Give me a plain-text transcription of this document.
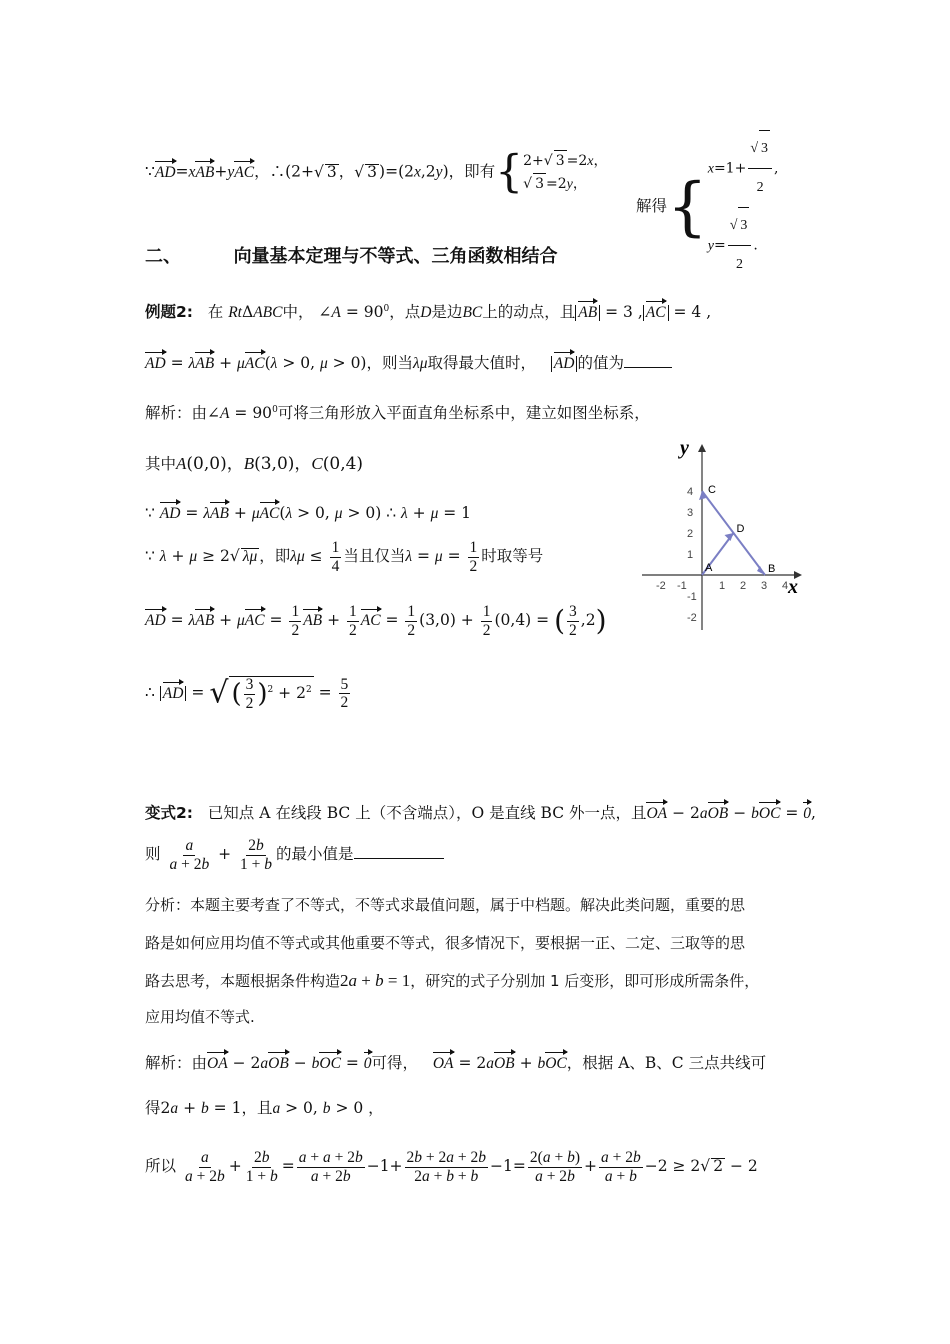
∵AD=xAB+yAC，∴(2+√ 3 ，√ 3 )=(2x,2y)，即有{ 2+√ 3 =2x，
√ 3 =2y，
解得{
x=1+
√ $\frac{3}{2}$ ,
y=
√ $\frac{3}{2}$ .
二、	向量基本定理与不等式、三角函数相结合
例题2: 在 RtΔABC中， ∠A = $90^0$，点D是边BC上的动点，且 AB = 3 , AC = 4 ,
AD = λAB + μAC(λ > 0, μ > 0)，则当λμ取得最大值时， AD 的值为
解析：由∠A = $90^0$可将三角形放入平面直角坐标系中，建立如图坐标系，
其中A(0,0)，B(3,0)，C(0,4)
∵ AD = λAB + μAC(λ > 0, μ > 0) ∴ λ + μ = 1
∵ λ + μ ≥ 2√ λμ ，即$\lambda\mu \le \frac{1}{4}$ 当且仅当$\lambda = \mu = \frac{1}{2}$ 时取等号
AD = $\lambda AB + \mu AC = \frac{1}{2}$ AB + $\frac{1}{2}$ AC = $\frac{1}{2} (3,0) + \frac{1}{2} (0,4)$ = ( $\frac{3}{2} ,2$)
∴ AD = √ ( $\frac{3}{2} )^2 + 2^2 = \frac{5}{2}$
x
y
-2 -1	1 2 3 4
4
3
2
1
-1
-2
C
D
A	B
变式2: 已知点 A 在线段 BC 上（不含端点），O 是直线 BC 外一点，且OA − 2aOB − bOC = 0,
则 $\frac{a}{a + 2b} + \frac{2b}{1 + b}$ 的最小值是
分析：本题主要考查了不等式，不等式求最值问题，属于中档题。解决此类问题，重要的思
路是如何应用均值不等式或其他重要不等式，很多情况下，要根据一正、二定、三取等的思
路去思考，本题根据条件构造2a + b = 1，研究的式子分别加 1 后变形，即可形成所需条件，
应用均值不等式.
解析：由OA − 2aOB − bOC = 0可得， OA = 2aOB + bOC，根据 A、B、C 三点共线可
得2a + b = 1，且a > 0, b > 0 ，
所以 $\frac{a}{a + 2b} + \frac{2b}{1 + b} = \frac{a + a + 2b}{a + 2b} -1+ \frac{2b + 2a + 2b}{2a + b + b} -1= \frac{2(a + b)}{a + 2b} + \frac{a + 2b}{a + b} -2 \ge 2√$ 2 − 2
